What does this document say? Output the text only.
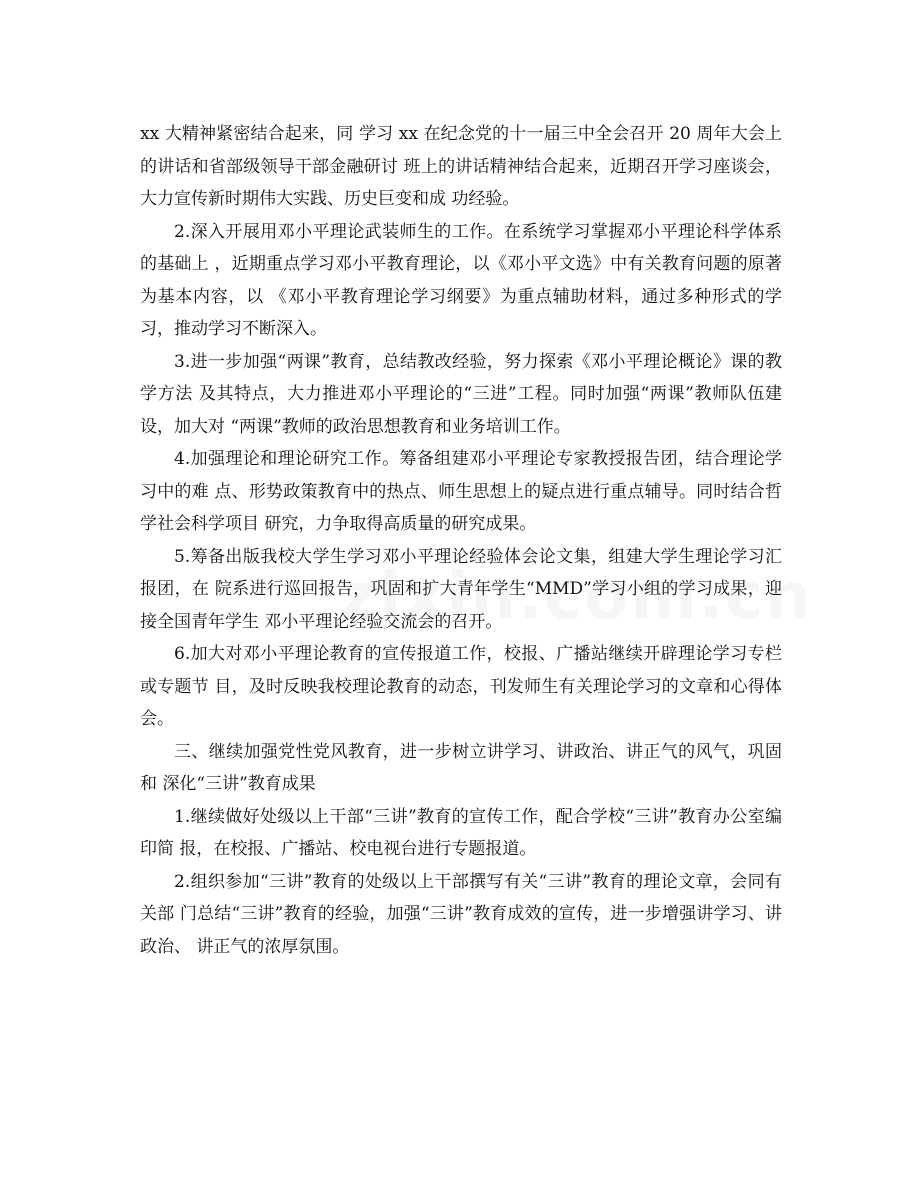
xx 大精神紧密结合起来，同 学习 xx 在纪念党的十一届三中全会召开 20 周年大会上的讲话和省部级领导干部金融研讨 班上的讲话精神结合起来，近期召开学习座谈会，大力宣传新时期伟大实践、历史巨变和成 功经验。

2.深入开展用邓小平理论武装师生的工作。在系统学习掌握邓小平理论科学体系的基础上 ，近期重点学习邓小平教育理论，以《邓小平文选》中有关教育问题的原著为基本内容，以 《邓小平教育理论学习纲要》为重点辅助材料，通过多种形式的学习，推动学习不断深入。

3.进一步加强“两课”教育，总结教改经验，努力探索《邓小平理论概论》课的教学方法 及其特点，大力推进邓小平理论的“三进”工程。同时加强“两课”教师队伍建设，加大对 “两课”教师的政治思想教育和业务培训工作。

4.加强理论和理论研究工作。筹备组建邓小平理论专家教授报告团，结合理论学习中的难 点、形势政策教育中的热点、师生思想上的疑点进行重点辅导。同时结合哲学社会科学项目 研究，力争取得高质量的研究成果。

5.筹备出版我校大学生学习邓小平理论经验体会论文集，组建大学生理论学习汇报团，在 院系进行巡回报告，巩固和扩大青年学生“MMD”学习小组的学习成果，迎接全国青年学生 邓小平理论经验交流会的召开。

6.加大对邓小平理论教育的宣传报道工作，校报、广播站继续开辟理论学习专栏或专题节 目，及时反映我校理论教育的动态，刊发师生有关理论学习的文章和心得体会。

三、继续加强党性党风教育，进一步树立讲学习、讲政治、讲正气的风气，巩固和 深化“三讲”教育成果

1.继续做好处级以上干部“三讲”教育的宣传工作，配合学校“三讲”教育办公室编印简 报，在校报、广播站、校电视台进行专题报道。

2.组织参加“三讲”教育的处级以上干部撰写有关“三讲”教育的理论文章，会同有关部 门总结“三讲”教育的经验，加强“三讲”教育成效的宣传，进一步增强讲学习、讲政治、 讲正气的浓厚氛围。
